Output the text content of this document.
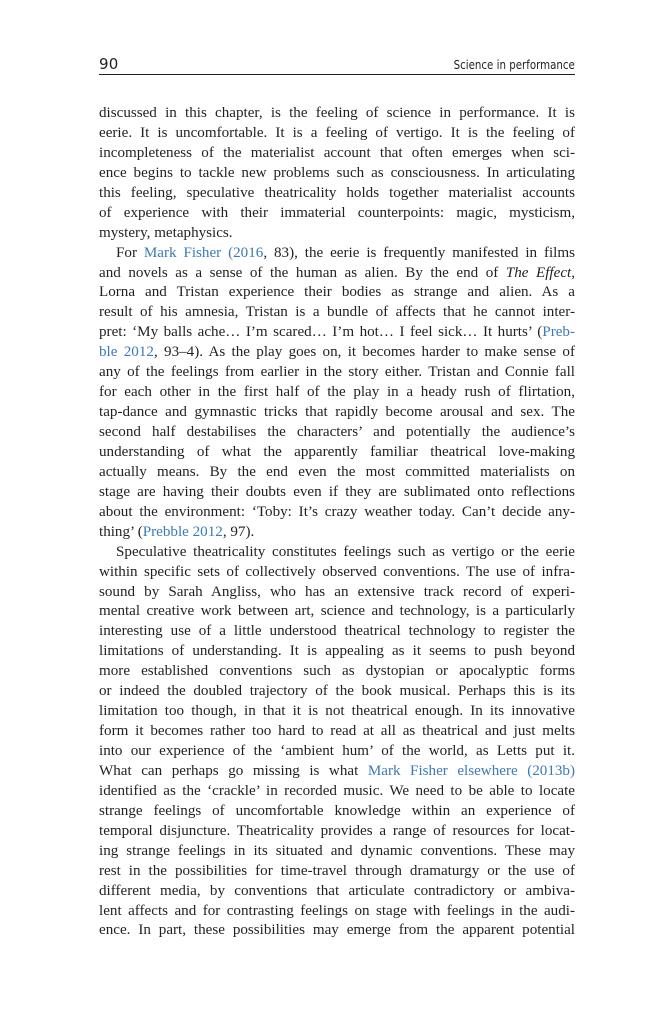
90	Science in performance
discussed in this chapter, is the feeling of science in performance. It is
eerie. It is uncomfortable. It is a feeling of vertigo. It is the feeling of
incompleteness of the materialist account that often emerges when sci-
ence begins to tackle new problems such as consciousness. In articulating
this feeling, speculative theatricality holds together materialist accounts
of experience with their immaterial counterpoints: magic, mysticism,
mystery, metaphysics.
For Mark Fisher (2016, 83), the eerie is frequently manifested in films
and novels as a sense of the human as alien. By the end of The Effect,
Lorna and Tristan experience their bodies as strange and alien. As a
result of his amnesia, Tristan is a bundle of affects that he cannot inter-
pret: ‘My balls ache… I’m scared… I’m hot… I feel sick… It hurts’ (Preb-
ble 2012, 93–4). As the play goes on, it becomes harder to make sense of
any of the feelings from earlier in the story either. Tristan and Connie fall
for each other in the first half of the play in a heady rush of flirtation,
tap-dance and gymnastic tricks that rapidly become arousal and sex. The
second half destabilises the characters’ and potentially the audience’s
understanding of what the apparently familiar theatrical love-making
actually means. By the end even the most committed materialists on
stage are having their doubts even if they are sublimated onto reflections
about the environment: ‘Toby: It’s crazy weather today. Can’t decide any-
thing’ (Prebble 2012, 97).
Speculative theatricality constitutes feelings such as vertigo or the eerie
within specific sets of collectively observed conventions. The use of infra-
sound by Sarah Angliss, who has an extensive track record of experi-
mental creative work between art, science and technology, is a particularly
interesting use of a little understood theatrical technology to register the
limitations of understanding. It is appealing as it seems to push beyond
more established conventions such as dystopian or apocalyptic forms
or indeed the doubled trajectory of the book musical. Perhaps this is its
limitation too though, in that it is not theatrical enough. In its innovative
form it becomes rather too hard to read at all as theatrical and just melts
into our experience of the ‘ambient hum’ of the world, as Letts put it.
What can perhaps go missing is what Mark Fisher elsewhere (2013b)
identified as the ‘crackle’ in recorded music. We need to be able to locate
strange feelings of uncomfortable knowledge within an experience of
temporal disjuncture. Theatricality provides a range of resources for locat-
ing strange feelings in its situated and dynamic conventions. These may
rest in the possibilities for time-travel through dramaturgy or the use of
different media, by conventions that articulate contradictory or ambiva-
lent affects and for contrasting feelings on stage with feelings in the audi-
ence. In part, these possibilities may emerge from the apparent potential
